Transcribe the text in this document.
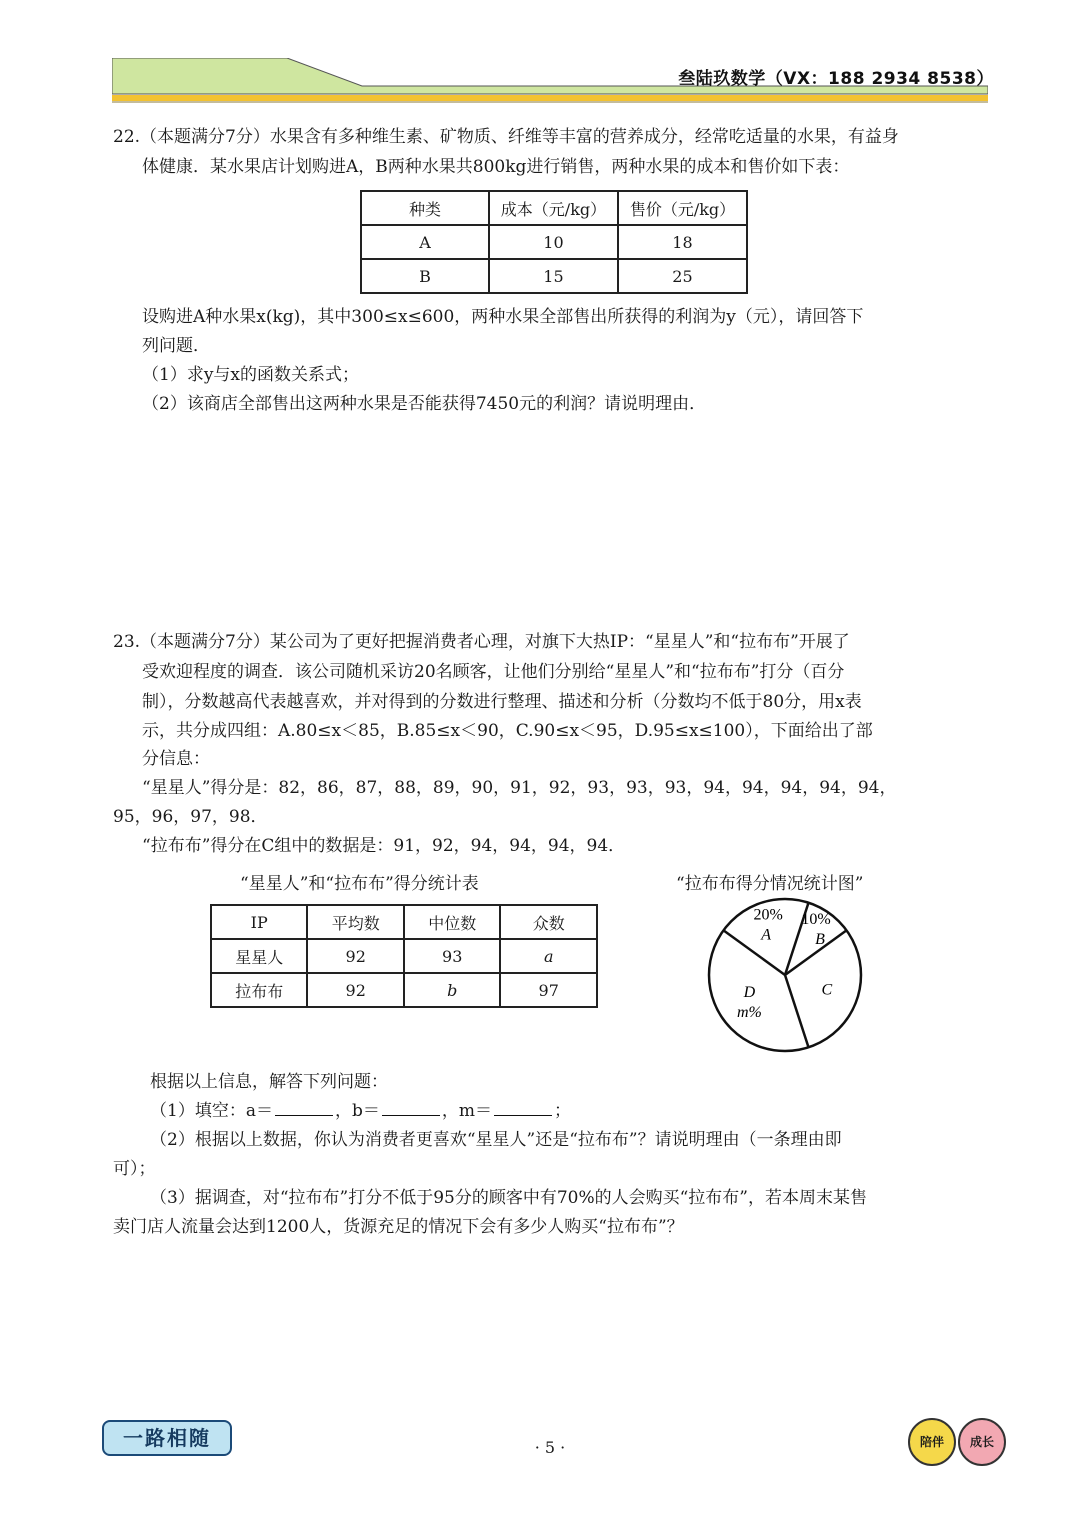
叁陆玖数学（VX：188 2934 8538）
22.（本题满分7分）水果含有多种维生素、矿物质、纤维等丰富的营养成分，经常吃适量的水果，有益身
体健康．某水果店计划购进A，B两种水果共800kg进行销售，两种水果的成本和售价如下表：
种类	成本（元/kg）	售价（元/kg）
A	10	18
B	15	25
设购进A种水果x(kg)，其中300≤x≤600，两种水果全部售出所获得的利润为y（元），请回答下
列问题．
（1）求y与x的函数关系式；
（2）该商店全部售出这两种水果是否能获得7450元的利润？请说明理由．
23.（本题满分7分）某公司为了更好把握消费者心理，对旗下大热IP：“星星人”和“拉布布”开展了
受欢迎程度的调查．该公司随机采访20名顾客，让他们分别给“星星人”和“拉布布”打分（百分
制），分数越高代表越喜欢，并对得到的分数进行整理、描述和分析（分数均不低于80分，用x表
示，共分成四组：A.80≤x＜85，B.85≤x＜90，C.90≤x＜95，D.95≤x≤100），下面给出了部
分信息：
“星星人”得分是：82，86，87，88，89，90，91，92，93，93，93，94，94，94，94，94，
95，96，97，98．
“拉布布”得分在C组中的数据是：91，92，94，94，94，94．
“星星人”和“拉布布”得分统计表
IP	平均数	中位数	众数
星星人	92	93	a
拉布布	92	b	97
“拉布布得分情况统计图”
10%
B
C
D
m%
20%
A
根据以上信息，解答下列问题：
（1）填空：a＝	，b＝	，m＝	；
（2）根据以上数据，你认为消费者更喜欢“星星人”还是“拉布布”？请说明理由（一条理由即
可）；
（3）据调查，对“拉布布”打分不低于95分的顾客中有70%的人会购买“拉布布”，若本周末某售
卖门店人流量会达到1200人，货源充足的情况下会有多少人购买“拉布布”？
一路相随	· 5 ·	陪伴	成长
